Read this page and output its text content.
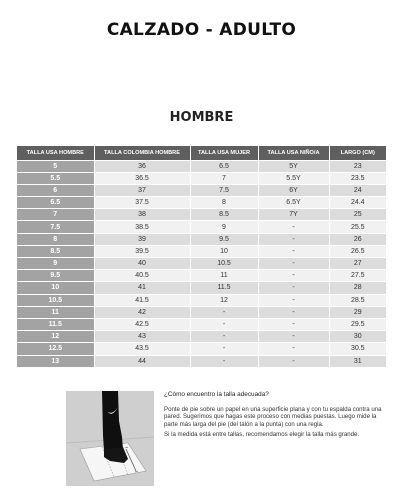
CALZADO - ADULTO
HOMBRE
TALLA USA HOMBRE	TALLA COLOMBIA HOMBRE	TALLA USA MUJER	TALLA USA NIÑO/A	LARGO (CM)
5	36	6.5	5Y	23
5.5	36.5	7	5.5Y	23.5
6	37	7.5	6Y	24
6.5	37.5	8	6.5Y	24.4
7	38	8.5	7Y	25
7.5	38.5	9	-	25.5
8	39	9.5	-	26
8.5	39.5	10	-	26.5
9	40	10.5	-	27
9.5	40.5	11	-	27.5
10	41	11.5	-	28
10.5	41.5	12	-	28.5
11	42	-	-	29
11.5	42.5	-	-	29.5
12	43	-	-	30
12.5	43.5	-	-	30.5
13	44	-	-	31
¿Cómo encuentro la talla adecuada?
Ponte de pie sobre un papel en una superficie plana y con tu espalda contra una pared. Sugerimos que hagas este proceso con medias puestas. Luego mide la parte más larga del pie (del talón a la punta) con una regla.
Si la medida está entre tallas, recomendamos elegir la talla más grande.
